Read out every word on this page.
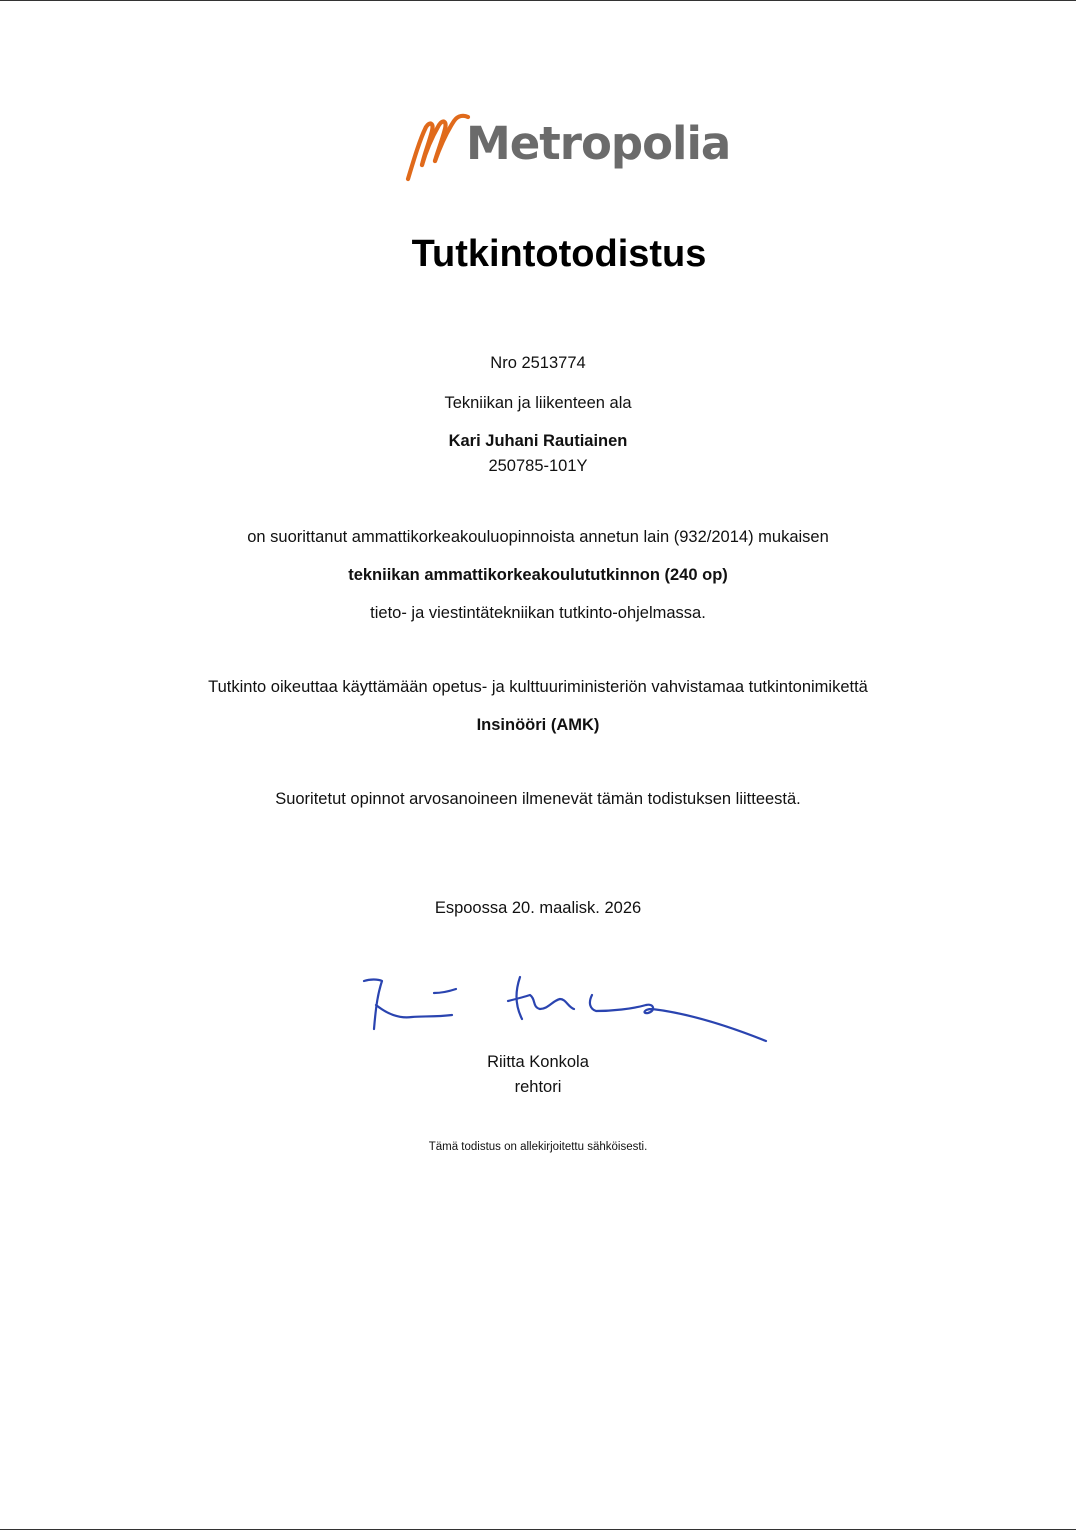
Metropolia
Tutkintotodistus
Nro 2513774
Tekniikan ja liikenteen ala
Kari Juhani Rautiainen
250785-101Y
on suorittanut ammattikorkeakouluopinnoista annetun lain (932/2014) mukaisen
tekniikan ammattikorkeakoulututkinnon (240 op)
tieto- ja viestintätekniikan tutkinto-ohjelmassa.
Tutkinto oikeuttaa käyttämään opetus- ja kulttuuriministeriön vahvistamaa tutkintonimikettä
Insinööri (AMK)
Suoritetut opinnot arvosanoineen ilmenevät tämän todistuksen liitteestä.
Espoossa 20. maalisk. 2026
Riitta Konkola
rehtori
Tämä todistus on allekirjoitettu sähköisesti.
